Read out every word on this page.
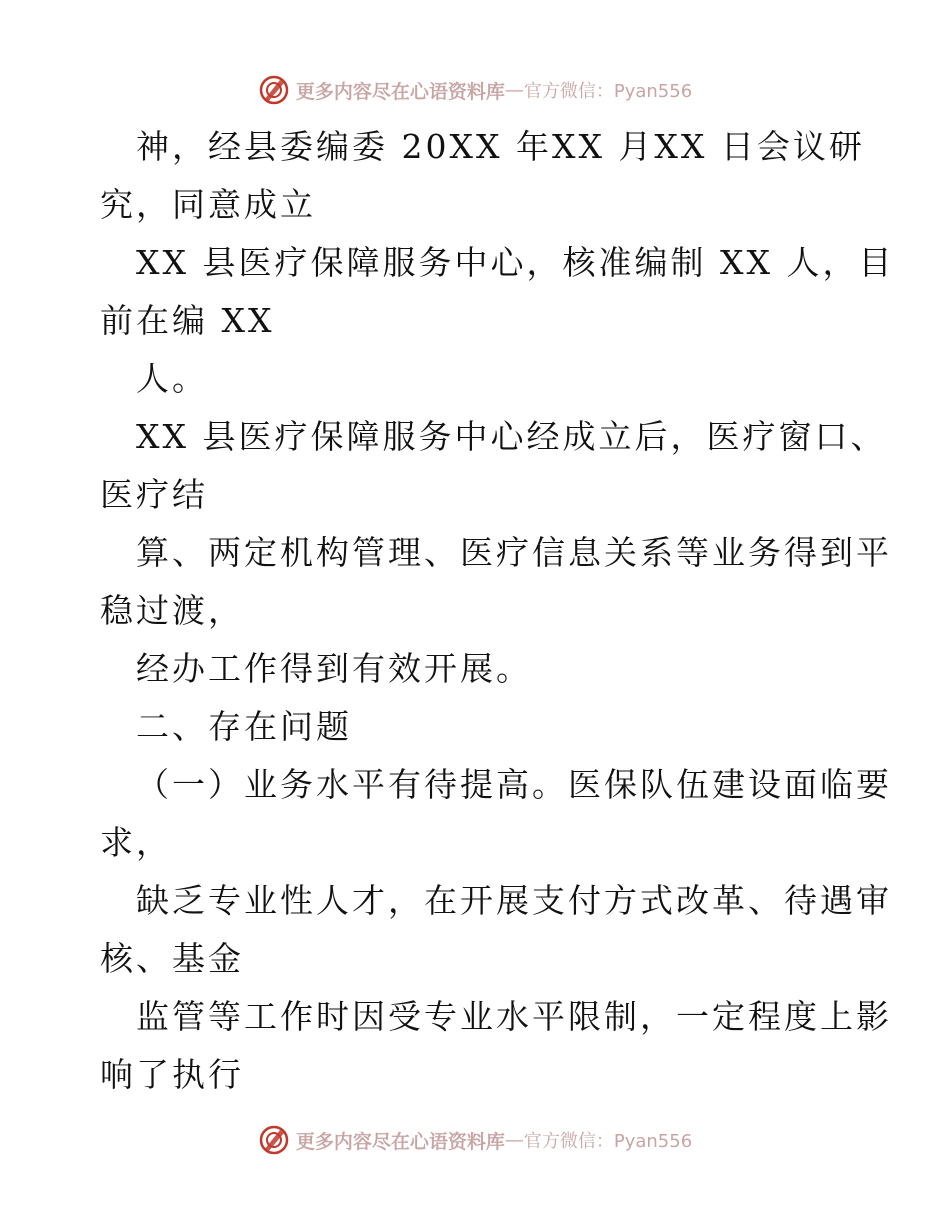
更多内容尽在心语资料库 — 官方微信：Pyan556
神，经县委编委 20XX 年XX 月XX 日会议研
究，同意成立
XX 县医疗保障服务中心，核准编制 XX 人，目
前在编 XX
人。
XX 县医疗保障服务中心经成立后，医疗窗口、
医疗结
算、两定机构管理、医疗信息关系等业务得到平
稳过渡，
经办工作得到有效开展。
二、存在问题
（一）业务水平有待提高。医保队伍建设面临要
求，
缺乏专业性人才，在开展支付方式改革、待遇审
核、基金
监管等工作时因受专业水平限制，一定程度上影
响了执行
更多内容尽在心语资料库 — 官方微信：Pyan556
